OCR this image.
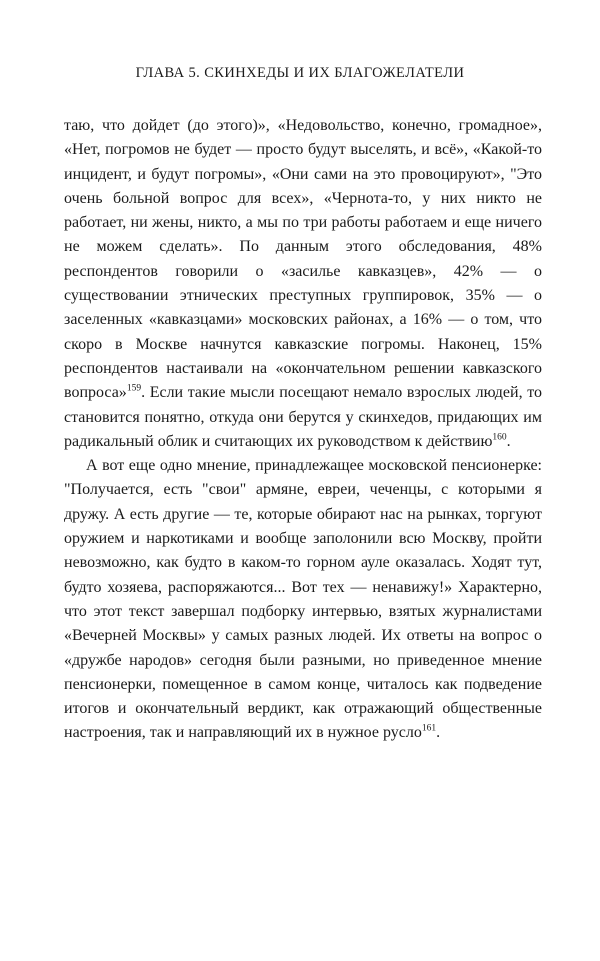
ГЛАВА 5. СКИНХЕДЫ И ИХ БЛАГОЖЕЛАТЕЛИ

таю, что дойдет (до этого)», «Недовольство, конечно, громадное», «Нет, погромов не будет — просто будут выселять, и всё», «Какой-то инцидент, и будут погромы», «Они сами на это провоцируют», "Это очень больной вопрос для всех», «Чернота-то, у них никто не работает, ни жены, никто, а мы по три работы работаем и еще ничего не можем сделать». По данным этого обследования, 48% респондентов говорили о «засилье кавказцев», 42% — о существовании этнических преступных группировок, 35% — о заселенных «кавказцами» московских районах, а 16% — о том, что скоро в Москве начнутся кавказские погромы. Наконец, 15% респондентов настаивали на «окончательном решении кавказского вопроса»$^{159}$. Если такие мысли посещают немало взрослых людей, то становится понятно, откуда они берутся у скинхедов, придающих им радикальный облик и считающих их руководством к действию$^{160}$.

А вот еще одно мнение, принадлежащее московской пенсионерке: "Получается, есть "свои" армяне, евреи, чеченцы, с которыми я дружу. А есть другие — те, которые обирают нас на рынках, торгуют оружием и наркотиками и вообще заполонили всю Москву, пройти невозможно, как будто в каком-то горном ауле оказалась. Ходят тут, будто хозяева, распоряжаются... Вот тех — ненавижу!» Характерно, что этот текст завершал подборку интервью, взятых журналистами «Вечерней Москвы» у самых разных людей. Их ответы на вопрос о «дружбе народов» сегодня были разными, но приведенное мнение пенсионерки, помещенное в самом конце, читалось как подведение итогов и окончательный вердикт, как отражающий общественные настроения, так и направляющий их в нужное русло$^{161}$.
